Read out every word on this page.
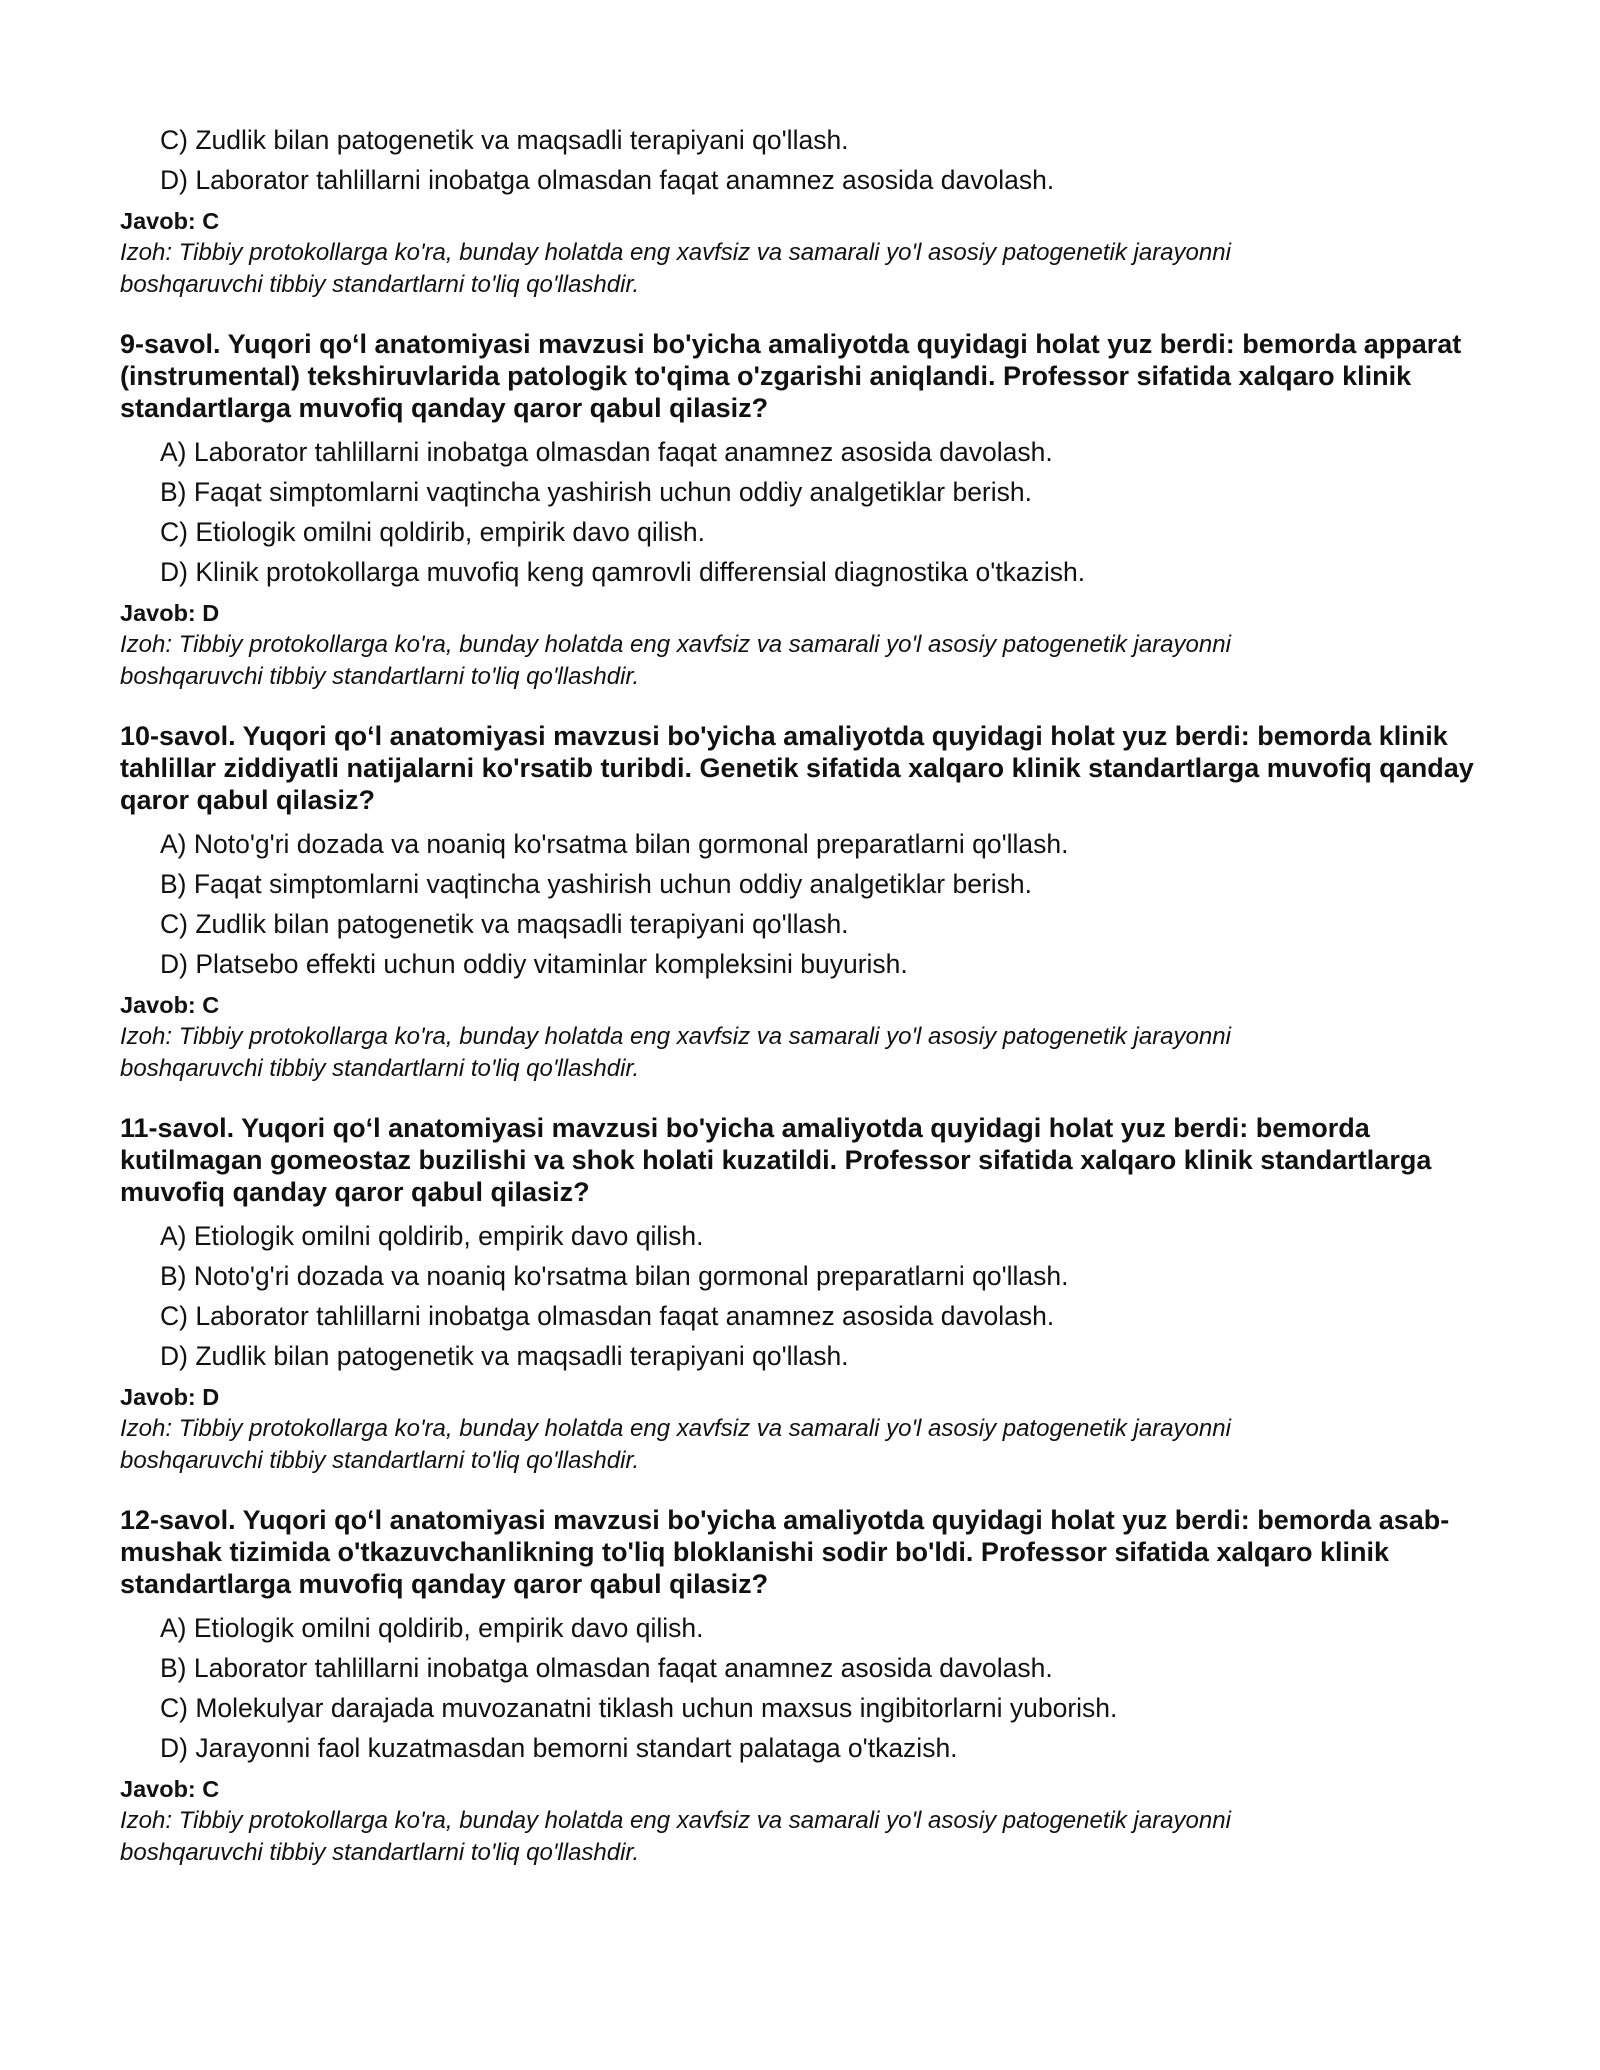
C) Zudlik bilan patogenetik va maqsadli terapiyani qo'llash.
D) Laborator tahlillarni inobatga olmasdan faqat anamnez asosida davolash.
Javob: C
Izoh: Tibbiy protokollarga ko'ra, bunday holatda eng xavfsiz va samarali yo'l asosiy patogenetik jarayonni
boshqaruvchi tibbiy standartlarni to'liq qo'llashdir.
9-savol. Yuqori qo‘l anatomiyasi mavzusi bo'yicha amaliyotda quyidagi holat yuz berdi: bemorda apparat (instrumental) tekshiruvlarida patologik to'qima o'zgarishi aniqlandi. Professor sifatida xalqaro klinik standartlarga muvofiq qanday qaror qabul qilasiz?
A) Laborator tahlillarni inobatga olmasdan faqat anamnez asosida davolash.
B) Faqat simptomlarni vaqtincha yashirish uchun oddiy analgetiklar berish.
C) Etiologik omilni qoldirib, empirik davo qilish.
D) Klinik protokollarga muvofiq keng qamrovli differensial diagnostika o'tkazish.
Javob: D
Izoh: Tibbiy protokollarga ko'ra, bunday holatda eng xavfsiz va samarali yo'l asosiy patogenetik jarayonni
boshqaruvchi tibbiy standartlarni to'liq qo'llashdir.
10-savol. Yuqori qo‘l anatomiyasi mavzusi bo'yicha amaliyotda quyidagi holat yuz berdi: bemorda klinik tahlillar ziddiyatli natijalarni ko'rsatib turibdi. Genetik sifatida xalqaro klinik standartlarga muvofiq qanday qaror qabul qilasiz?
A) Noto'g'ri dozada va noaniq ko'rsatma bilan gormonal preparatlarni qo'llash.
B) Faqat simptomlarni vaqtincha yashirish uchun oddiy analgetiklar berish.
C) Zudlik bilan patogenetik va maqsadli terapiyani qo'llash.
D) Platsebo effekti uchun oddiy vitaminlar kompleksini buyurish.
Javob: C
Izoh: Tibbiy protokollarga ko'ra, bunday holatda eng xavfsiz va samarali yo'l asosiy patogenetik jarayonni
boshqaruvchi tibbiy standartlarni to'liq qo'llashdir.
11-savol. Yuqori qo‘l anatomiyasi mavzusi bo'yicha amaliyotda quyidagi holat yuz berdi: bemorda kutilmagan gomeostaz buzilishi va shok holati kuzatildi. Professor sifatida xalqaro klinik standartlarga muvofiq qanday qaror qabul qilasiz?
A) Etiologik omilni qoldirib, empirik davo qilish.
B) Noto'g'ri dozada va noaniq ko'rsatma bilan gormonal preparatlarni qo'llash.
C) Laborator tahlillarni inobatga olmasdan faqat anamnez asosida davolash.
D) Zudlik bilan patogenetik va maqsadli terapiyani qo'llash.
Javob: D
Izoh: Tibbiy protokollarga ko'ra, bunday holatda eng xavfsiz va samarali yo'l asosiy patogenetik jarayonni
boshqaruvchi tibbiy standartlarni to'liq qo'llashdir.
12-savol. Yuqori qo‘l anatomiyasi mavzusi bo'yicha amaliyotda quyidagi holat yuz berdi: bemorda asab-mushak tizimida o'tkazuvchanlikning to'liq bloklanishi sodir bo'ldi. Professor sifatida xalqaro klinik standartlarga muvofiq qanday qaror qabul qilasiz?
A) Etiologik omilni qoldirib, empirik davo qilish.
B) Laborator tahlillarni inobatga olmasdan faqat anamnez asosida davolash.
C) Molekulyar darajada muvozanatni tiklash uchun maxsus ingibitorlarni yuborish.
D) Jarayonni faol kuzatmasdan bemorni standart palataga o'tkazish.
Javob: C
Izoh: Tibbiy protokollarga ko'ra, bunday holatda eng xavfsiz va samarali yo'l asosiy patogenetik jarayonni
boshqaruvchi tibbiy standartlarni to'liq qo'llashdir.
